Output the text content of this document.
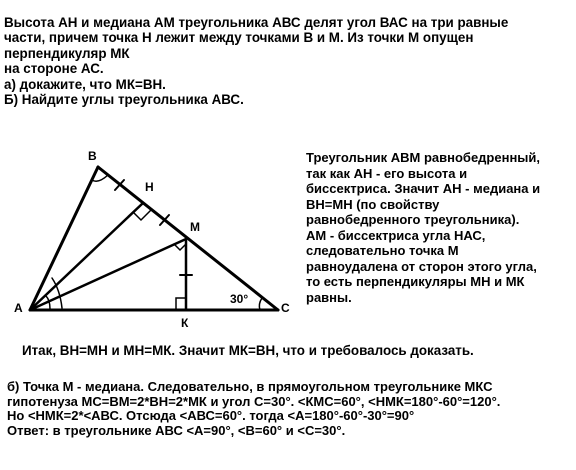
Высота АН и медиана АМ треугольника АВС делят угол ВАС на три равные
части, причем точка Н лежит между точками В и М. Из точки М опущен
перпендикуляр МК
на стороне АС.
а) докажите, что МК=ВН.
Б) Найдите углы треугольника АВС.
В
Н
М
А
К
С
30°
Треугольник АВМ равнобедренный,
так как АН - его высота и
биссектриса. Значит АН - медиана и
ВН=МН (по свойству
равнобедренного треугольника).
АМ - биссектриса угла НАС,
следовательно точка М
равноудалена от сторон этого угла,
то есть перпендикуляры МН и МК
равны.
Итак, ВН=МН и МН=МК. Значит МК=ВН, что и требовалось доказать.
б) Точка М - медиана. Следовательно, в прямоугольном треугольнике МКС
гипотенуза МС=ВМ=2*ВН=2*МК и угол С=30°. <КМС=60°, <НМК=180°-60°=120°.
Но <НМК=2*<АВС. Отсюда <АВС=60°. тогда <А=180°-60°-30°=90°
Ответ: в треугольнике АВС <А=90°, <В=60° и <С=30°.
